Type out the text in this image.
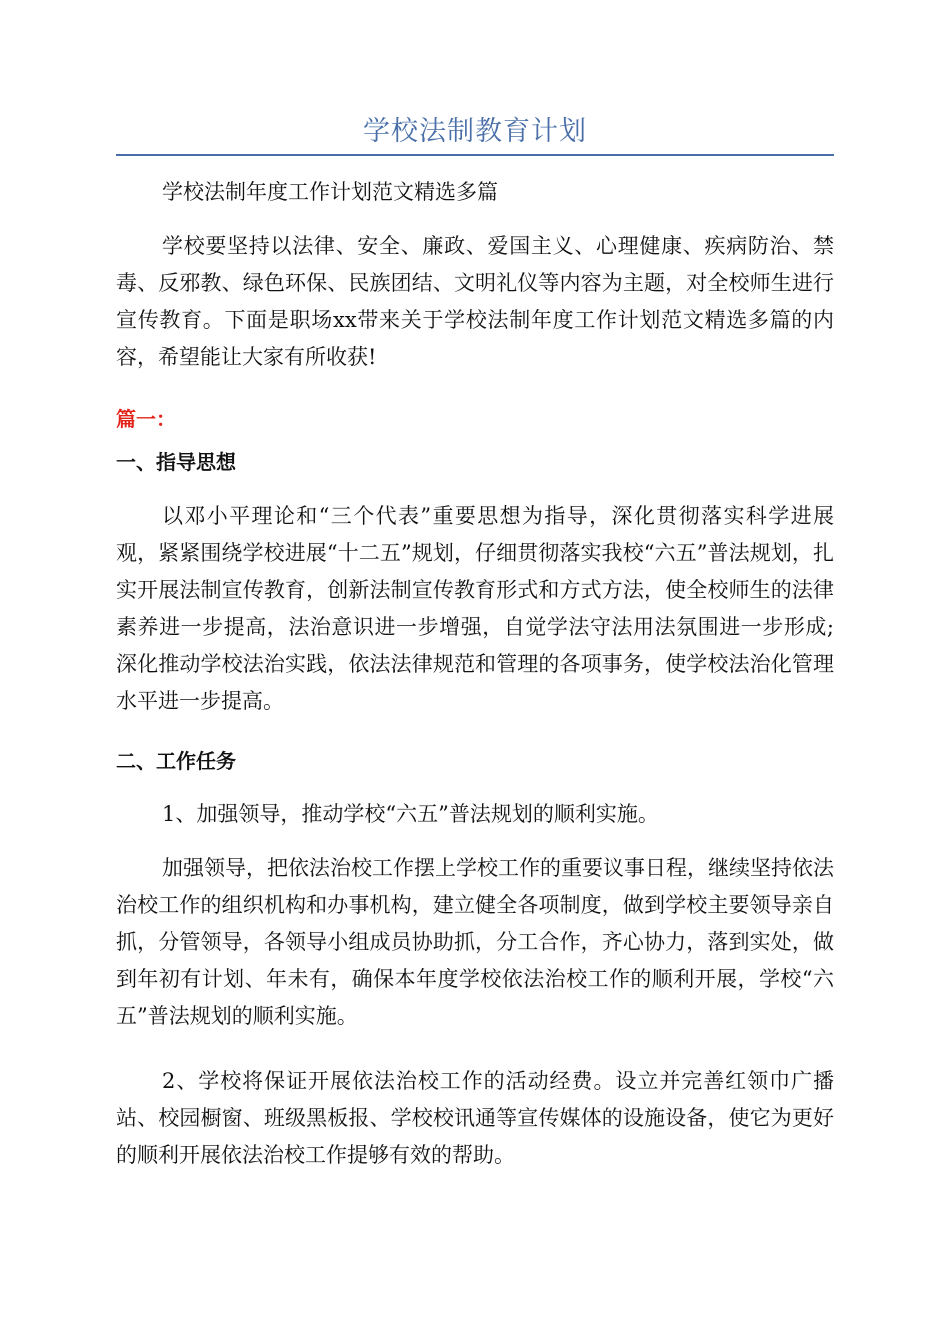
学校法制教育计划
学校法制年度工作计划范文精选多篇
学校要坚持以法律、安全、廉政、爱国主义、心理健康、疾病防治、禁毒、反邪教、绿色环保、民族团结、文明礼仪等内容为主题，对全校师生进行宣传教育。下面是职场xx带来关于学校法制年度工作计划范文精选多篇的内容，希望能让大家有所收获!
篇一：
一、指导思想
以邓小平理论和“三个代表”重要思想为指导，深化贯彻落实科学进展观，紧紧围绕学校进展“十二五”规划，仔细贯彻落实我校“六五”普法规划，扎实开展法制宣传教育，创新法制宣传教育形式和方式方法，使全校师生的法律素养进一步提高，法治意识进一步增强，自觉学法守法用法氛围进一步形成;深化推动学校法治实践，依法法律规范和管理的各项事务，使学校法治化管理水平进一步提高。
二、工作任务
1、加强领导，推动学校“六五”普法规划的顺利实施。
加强领导，把依法治校工作摆上学校工作的重要议事日程，继续坚持依法治校工作的组织机构和办事机构，建立健全各项制度，做到学校主要领导亲自抓，分管领导，各领导小组成员协助抓，分工合作，齐心协力，落到实处，做到年初有计划、年未有，确保本年度学校依法治校工作的顺利开展，学校“六五”普法规划的顺利实施。
2、学校将保证开展依法治校工作的活动经费。设立并完善红领巾广播站、校园橱窗、班级黑板报、学校校讯通等宣传媒体的设施设备，使它为更好的顺利开展依法治校工作提够有效的帮助。
